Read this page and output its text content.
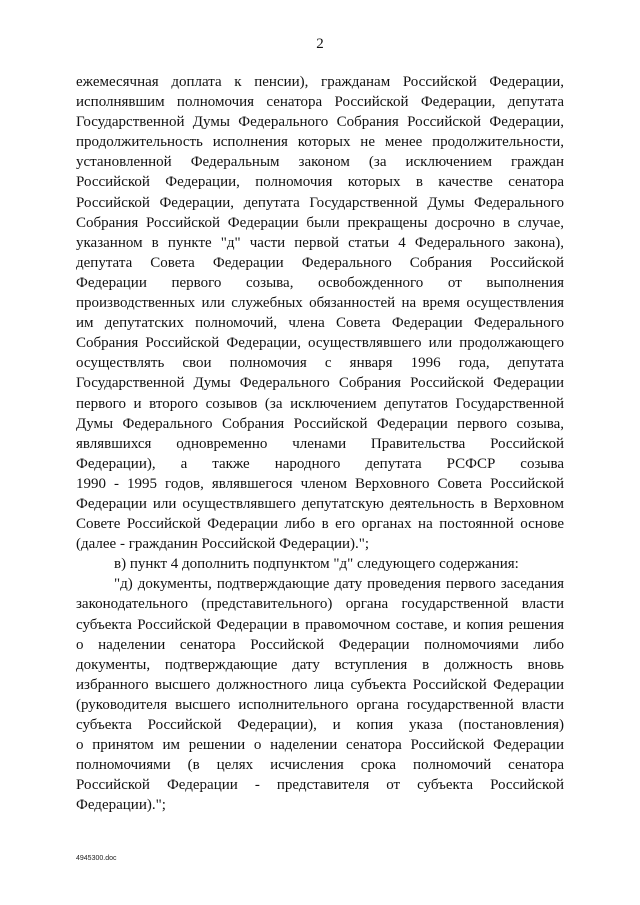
2
ежемесячная доплата к пенсии), гражданам Российской Федерации,
исполнявшим полномочия сенатора Российской Федерации, депутата
Государственной Думы Федерального Собрания Российской Федерации,
продолжительность исполнения которых не менее продолжительности,
установленной Федеральным законом (за исключением граждан
Российской Федерации, полномочия которых в качестве сенатора
Российской Федерации, депутата Государственной Думы Федерального
Собрания Российской Федерации были прекращены досрочно в случае,
указанном в пункте "д" части первой статьи 4 Федерального закона),
депутата Совета Федерации Федерального Собрания Российской
Федерации первого созыва, освобожденного от выполнения
производственных или служебных обязанностей на время осуществления
им депутатских полномочий, члена Совета Федерации Федерального
Собрания Российской Федерации, осуществлявшего или продолжающего
осуществлять свои полномочия с января 1996 года, депутата
Государственной Думы Федерального Собрания Российской Федерации
первого и второго созывов (за исключением депутатов Государственной
Думы Федерального Собрания Российской Федерации первого созыва,
являвшихся одновременно членами Правительства Российской
Федерации), а также народного депутата РСФСР созыва
1990 - 1995 годов, являвшегося членом Верховного Совета Российской
Федерации или осуществлявшего депутатскую деятельность в Верховном
Совете Российской Федерации либо в его органах на постоянной основе
(далее - гражданин Российской Федерации).";
в) пункт 4 дополнить подпунктом "д" следующего содержания:
"д) документы, подтверждающие дату проведения первого заседания
законодательного (представительного) органа государственной власти
субъекта Российской Федерации в правомочном составе, и копия решения
о наделении сенатора Российской Федерации полномочиями либо
документы, подтверждающие дату вступления в должность вновь
избранного высшего должностного лица субъекта Российской Федерации
(руководителя высшего исполнительного органа государственной власти
субъекта Российской Федерации), и копия указа (постановления)
о принятом им решении о наделении сенатора Российской Федерации
полномочиями (в целях исчисления срока полномочий сенатора
Российской Федерации - представителя от субъекта Российской
Федерации).";
4945300.doc
